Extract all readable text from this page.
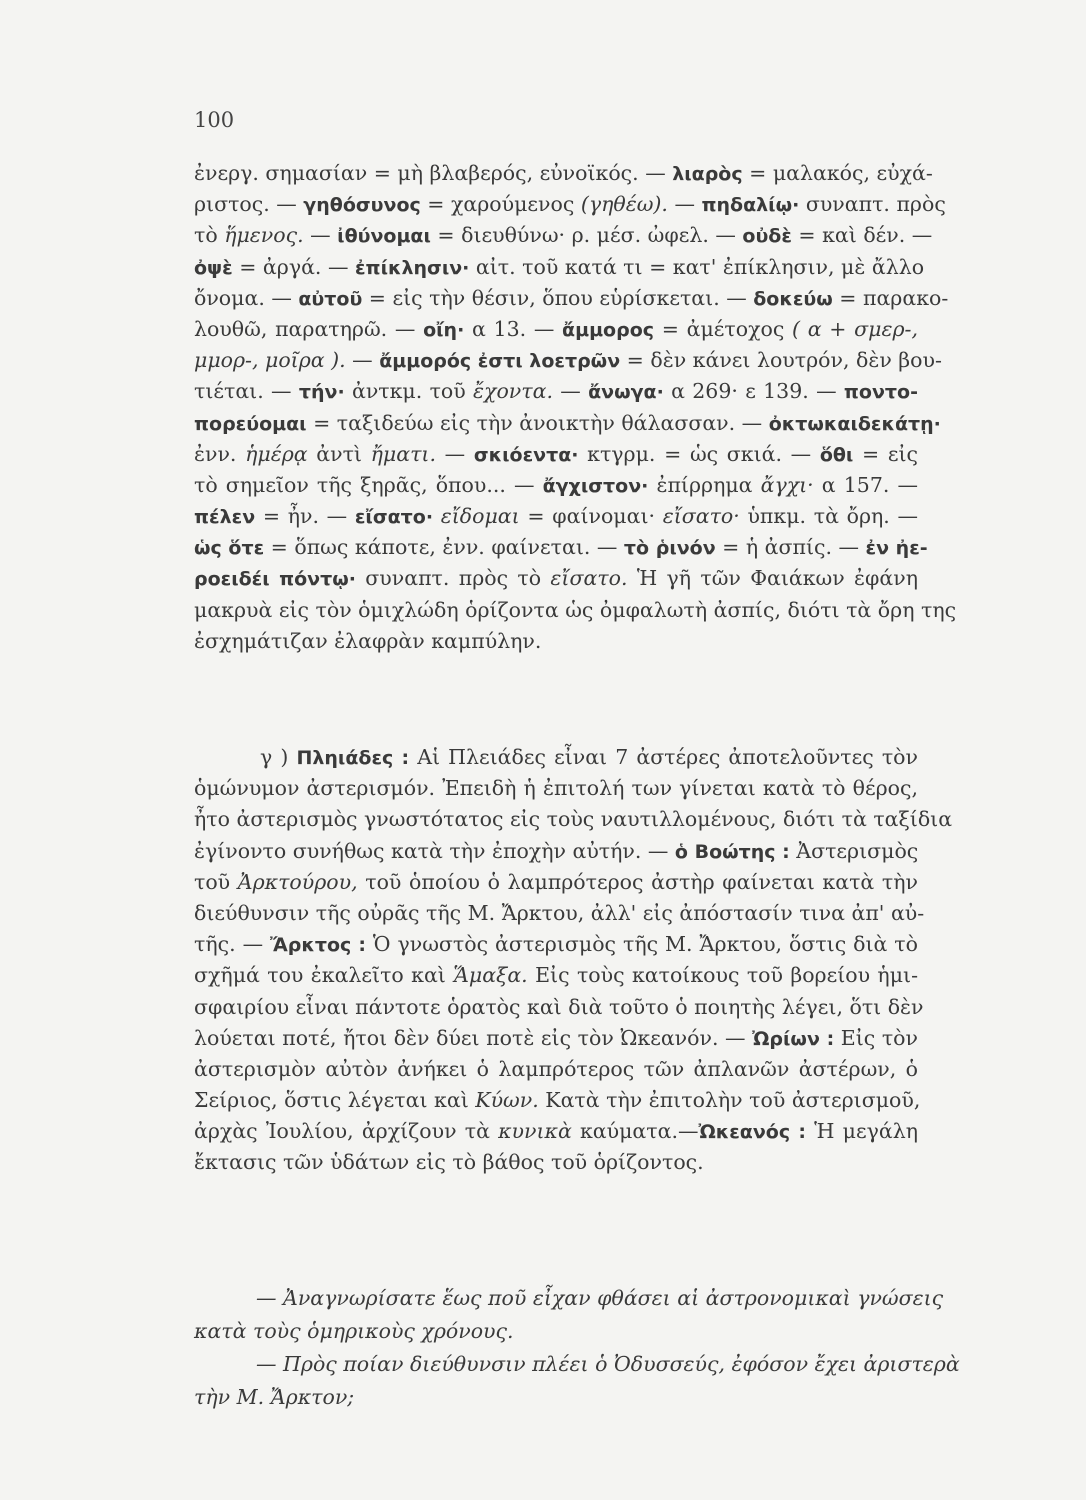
100
ἐνεργ. σημασίαν = μὴ βλαβερός, εὐνοϊκός. — λιαρὸς = μαλακός, εὐχά-
ριστος. — γηθόσυνος = χαρούμενος (γηθέω). — πηδαλίῳ· συναπτ. πρὸς
τὸ ἥμενος. — ἰθύνομαι = διευθύνω· ρ. μέσ. ὠφελ. — οὐδὲ = καὶ δέν. —
ὀψὲ = ἀργά. — ἐπίκλησιν· αἰτ. τοῦ κατά τι = κατ' ἐπίκλησιν, μὲ ἄλλο
ὄνομα. — αὐτοῦ = εἰς τὴν θέσιν, ὅπου εὑρίσκεται. — δοκεύω = παρακο-
λουθῶ, παρατηρῶ. — οἴη· α 13. — ἄμμορος = ἀμέτοχος ( α + σμερ-,
μμορ-, μοῖρα ). — ἄμμορός ἐστι λοετρῶν = δὲν κάνει λουτρόν, δὲν βου-
τιέται. — τήν· ἀντκμ. τοῦ ἔχοντα. — ἄνωγα· α 269· ε 139. — ποντο-
πορεύομαι = ταξιδεύω εἰς τὴν ἀνοικτὴν θάλασσαν. — ὀκτωκαιδεκάτῃ·
ἐνν. ἡμέρᾳ ἀντὶ ἤματι. — σκιόεντα· κτγρμ. = ὡς σκιά. — ὅθι = εἰς
τὸ σημεῖον τῆς ξηρᾶς, ὅπου... — ἄγχιστον· ἐπίρρημα ἄγχι· α 157. —
πέλεν = ἦν. — εἴσατο· εἴδομαι = φαίνομαι· εἴσατο· ὑπκμ. τὰ ὄρη. —
ὡς ὅτε = ὅπως κάποτε, ἐνν. φαίνεται. — τὸ ῥινόν = ἡ ἀσπίς. — ἐν ἠε-
ροειδέι πόντῳ· συναπτ. πρὸς τὸ εἴσατο. Ἡ γῆ τῶν Φαιάκων ἐφάνη
μακρυὰ εἰς τὸν ὁμιχλώδη ὁρίζοντα ὡς ὀμφαλωτὴ ἀσπίς, διότι τὰ ὄρη της
ἐσχημάτιζαν ἐλαφρὰν καμπύλην.
γ ) Πληιάδες : Αἱ Πλειάδες εἶναι 7 ἀστέρες ἀποτελοῦντες τὸν
ὁμώνυμον ἀστερισμόν. Ἐπειδὴ ἡ ἐπιτολή των γίνεται κατὰ τὸ θέρος,
ἦτο ἀστερισμὸς γνωστότατος εἰς τοὺς ναυτιλλομένους, διότι τὰ ταξίδια
ἐγίνοντο συνήθως κατὰ τὴν ἐποχὴν αὐτήν. — ὁ Βοώτης : Ἀστερισμὸς
τοῦ Ἀρκτούρου, τοῦ ὁποίου ὁ λαμπρότερος ἀστὴρ φαίνεται κατὰ τὴν
διεύθυνσιν τῆς οὐρᾶς τῆς Μ. Ἄρκτου, ἀλλ' εἰς ἀπόστασίν τινα ἀπ' αὐ-
τῆς. — Ἄρκτος : Ὁ γνωστὸς ἀστερισμὸς τῆς Μ. Ἄρκτου, ὅστις διὰ τὸ
σχῆμά του ἐκαλεῖτο καὶ Ἅμαξα. Εἰς τοὺς κατοίκους τοῦ βορείου ἡμι-
σφαιρίου εἶναι πάντοτε ὁρατὸς καὶ διὰ τοῦτο ὁ ποιητὴς λέγει, ὅτι δὲν
λούεται ποτέ, ἤτοι δὲν δύει ποτὲ εἰς τὸν Ὠκεανόν. — Ὠρίων : Εἰς τὸν
ἀστερισμὸν αὐτὸν ἀνήκει ὁ λαμπρότερος τῶν ἀπλανῶν ἀστέρων, ὁ
Σείριος, ὅστις λέγεται καὶ Κύων. Κατὰ τὴν ἐπιτολὴν τοῦ ἀστερισμοῦ,
ἀρχὰς Ἰουλίου, ἀρχίζουν τὰ κυνικὰ καύματα.—Ὠκεανός : Ἡ μεγάλη
ἔκτασις τῶν ὑδάτων εἰς τὸ βάθος τοῦ ὁρίζοντος.
— Ἀναγνωρίσατε ἕως ποῦ εἶχαν φθάσει αἱ ἀστρονομικαὶ γνώσεις
κατὰ τοὺς ὁμηρικοὺς χρόνους.
— Πρὸς ποίαν διεύθυνσιν πλέει ὁ Ὀδυσσεύς, ἐφόσον ἔχει ἀριστερὰ
τὴν Μ. Ἄρκτον;
